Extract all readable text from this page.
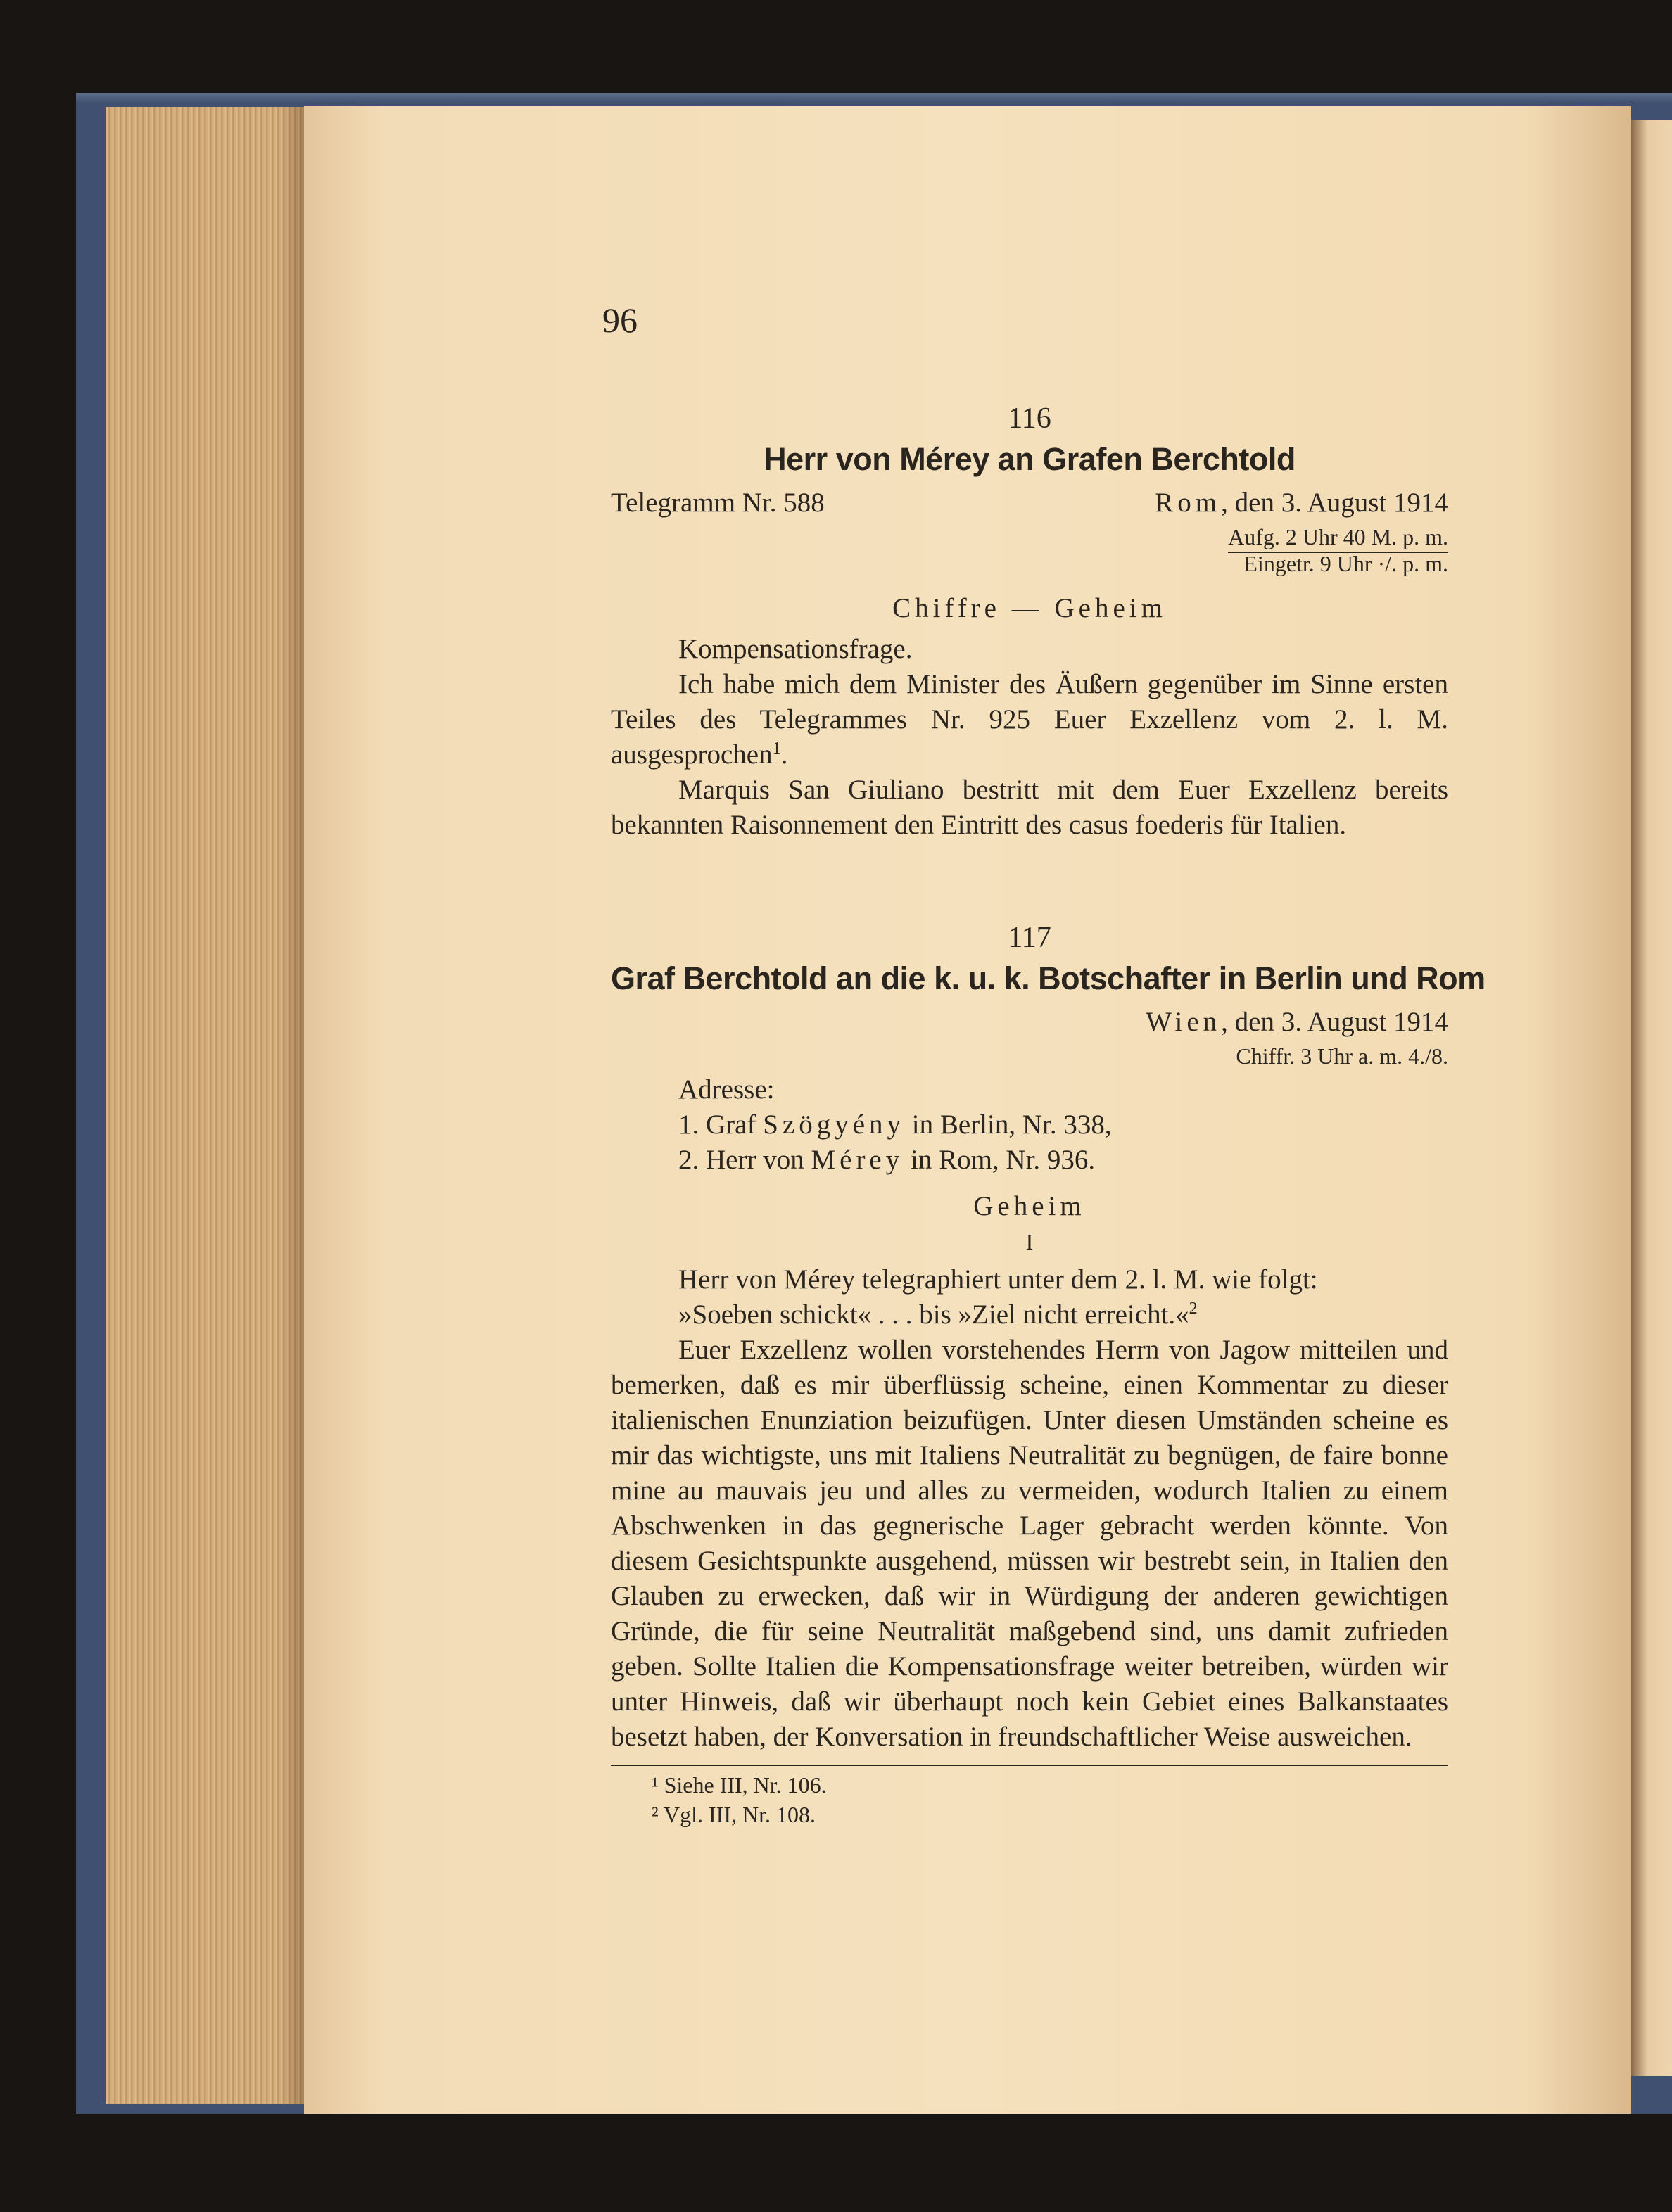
96
116
Herr von Mérey an Grafen Berchtold
Telegramm Nr. 588	Rom, den 3. August 1914
Aufg. 2 Uhr 40 M. p. m.
Eingetr. 9 Uhr ·/. p. m.
Chiffre — Geheim

Kompensationsfrage.

Ich habe mich dem Minister des Äußern gegenüber im Sinne ersten Teiles des Telegrammes Nr. 925 Euer Exzellenz vom 2. l. M. ausgesprochen$^1$.

Marquis San Giuliano bestritt mit dem Euer Exzellenz bereits bekannten Raisonnement den Eintritt des casus foederis für Italien.

117
Graf Berchtold an die k. u. k. Botschafter in Berlin und Rom
Wien, den 3. August 1914
Chiffr. 3 Uhr a. m. 4./8.
Adresse:
1. Graf Szögyény in Berlin, Nr. 338,
2. Herr von Mérey in Rom, Nr. 936.
Geheim
I

Herr von Mérey telegraphiert unter dem 2. l. M. wie folgt:

»Soeben schickt« . . . bis »Ziel nicht erreicht.«$^2$

Euer Exzellenz wollen vorstehendes Herrn von Jagow mitteilen und bemerken, daß es mir überflüssig scheine, einen Kommentar zu dieser italienischen Enunziation beizufügen. Unter diesen Umständen scheine es mir das wichtigste, uns mit Italiens Neutralität zu begnügen, de faire bonne mine au mauvais jeu und alles zu vermeiden, wodurch Italien zu einem Abschwenken in das gegnerische Lager gebracht werden könnte. Von diesem Gesichtspunkte ausgehend, müssen wir bestrebt sein, in Italien den Glauben zu erwecken, daß wir in Würdigung der anderen gewichtigen Gründe, die für seine Neutralität maßgebend sind, uns damit zufrieden geben. Sollte Italien die Kompensationsfrage weiter betreiben, würden wir unter Hinweis, daß wir überhaupt noch kein Gebiet eines Balkanstaates besetzt haben, der Konversation in freundschaftlicher Weise ausweichen.

¹ Siehe III, Nr. 106.
² Vgl. III, Nr. 108.
